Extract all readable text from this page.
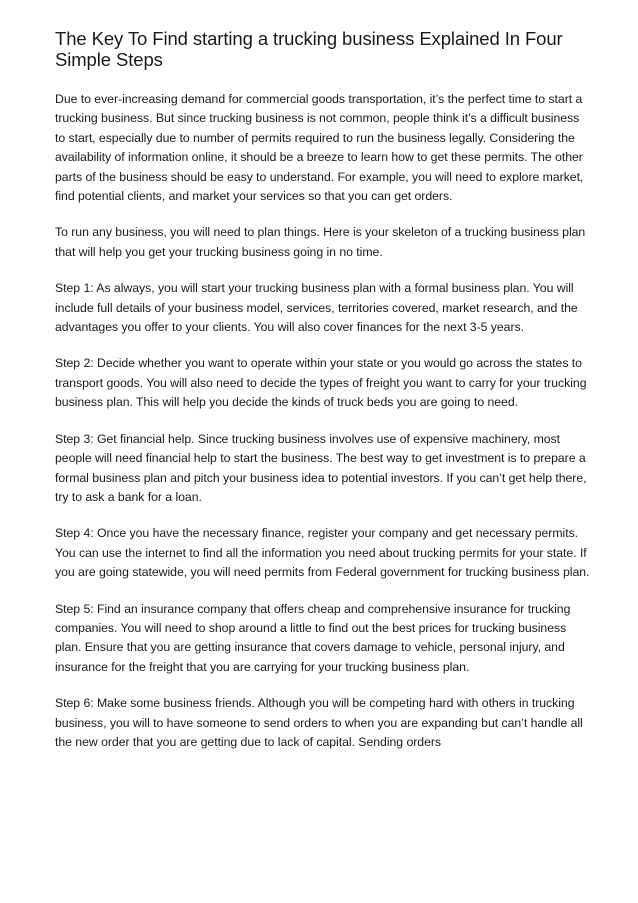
The Key To Find starting a trucking business Explained In Four Simple Steps

Due to ever-increasing demand for commercial goods transportation, it’s the perfect time to start a trucking business. But since trucking business is not common, people think it’s a difficult business to start, especially due to number of permits required to run the business legally. Considering the availability of information online, it should be a breeze to learn how to get these permits. The other parts of the business should be easy to understand. For example, you will need to explore market, find potential clients, and market your services so that you can get orders.

To run any business, you will need to plan things. Here is your skeleton of a trucking business plan that will help you get your trucking business going in no time.

Step 1: As always, you will start your trucking business plan with a formal business plan. You will include full details of your business model, services, territories covered, market research, and the advantages you offer to your clients. You will also cover finances for the next 3-5 years.

Step 2: Decide whether you want to operate within your state or you would go across the states to transport goods. You will also need to decide the types of freight you want to carry for your trucking business plan. This will help you decide the kinds of truck beds you are going to need.

Step 3: Get financial help. Since trucking business involves use of expensive machinery, most people will need financial help to start the business. The best way to get investment is to prepare a formal business plan and pitch your business idea to potential investors. If you can’t get help there, try to ask a bank for a loan.

Step 4: Once you have the necessary finance, register your company and get necessary permits. You can use the internet to find all the information you need about trucking permits for your state. If you are going statewide, you will need permits from Federal government for trucking business plan.

Step 5: Find an insurance company that offers cheap and comprehensive insurance for trucking companies. You will need to shop around a little to find out the best prices for trucking business plan. Ensure that you are getting insurance that covers damage to vehicle, personal injury, and insurance for the freight that you are carrying for your trucking business plan.

Step 6: Make some business friends. Although you will be competing hard with others in trucking business, you will to have someone to send orders to when you are expanding but can’t handle all the new order that you are getting due to lack of capital. Sending orders
